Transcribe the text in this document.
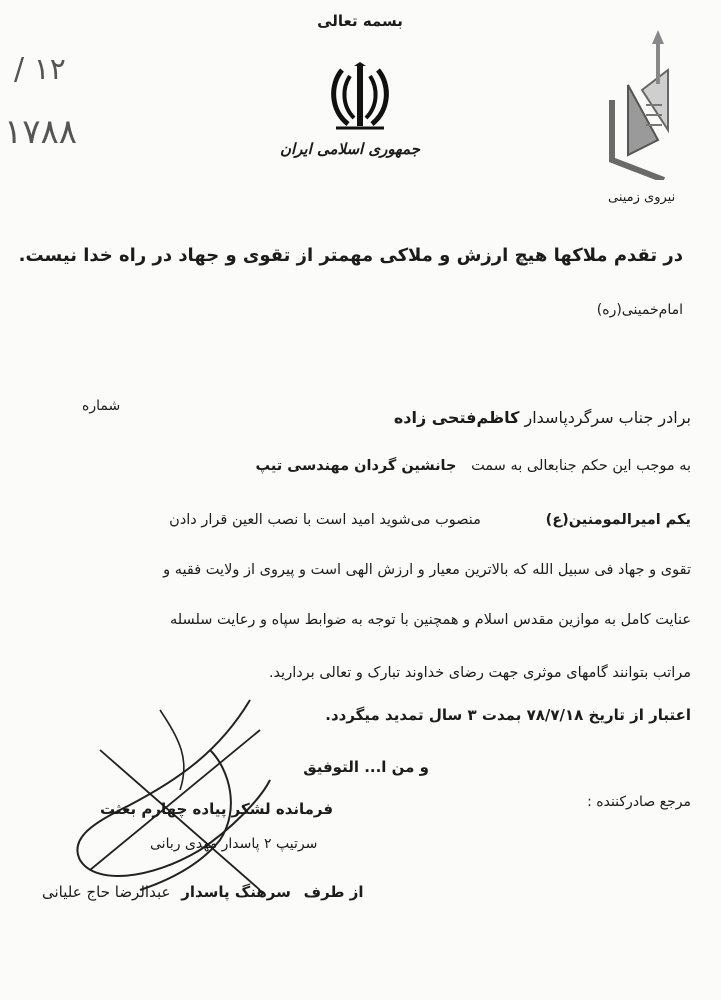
/ ۱۲
۱۷۸۸
بسمه تعالی
جمهوری اسلامی ایران
نیروی زمینی
در تقدم ملاکها هیچ ارزش و ملاکی مهمتر از تقوی و جهاد در راه خدا نیست.
امام‌خمینی(ره)
برادر جناب سرگرد‌پاسدار کاظم‌فتحی زاده
شماره
به موجب این حکم جنابعالی به سمت جانشین گردان مهندسی تیپ
یکم امیرالمومنین(ع) منصوب می‌شوید امید است با نصب العین قرار دادن
تقوی و جهاد فی سبیل الله که بالاترین معیار و ارزش الهی است و پیروی از ولایت فقیه و
عنایت کامل به موازین مقدس اسلام و همچنین با توجه به ضوابط سپاه و رعایت سلسله
مراتب بتوانند گامهای موثری جهت رضای خداوند تبارک و تعالی بردارید.
اعتبار از تاریخ ۷۸/۷/۱۸ بمدت ۳ سال تمدید میگردد.
و من ا... التوفیق
مرجع صادرکننده :
فرمانده لشکر پیاده چهارم بعثت
سرتیپ ۲ پاسدار مهدی ربانی
از طرف سرهنگ پاسدار عبدالرضا حاج علیانی
